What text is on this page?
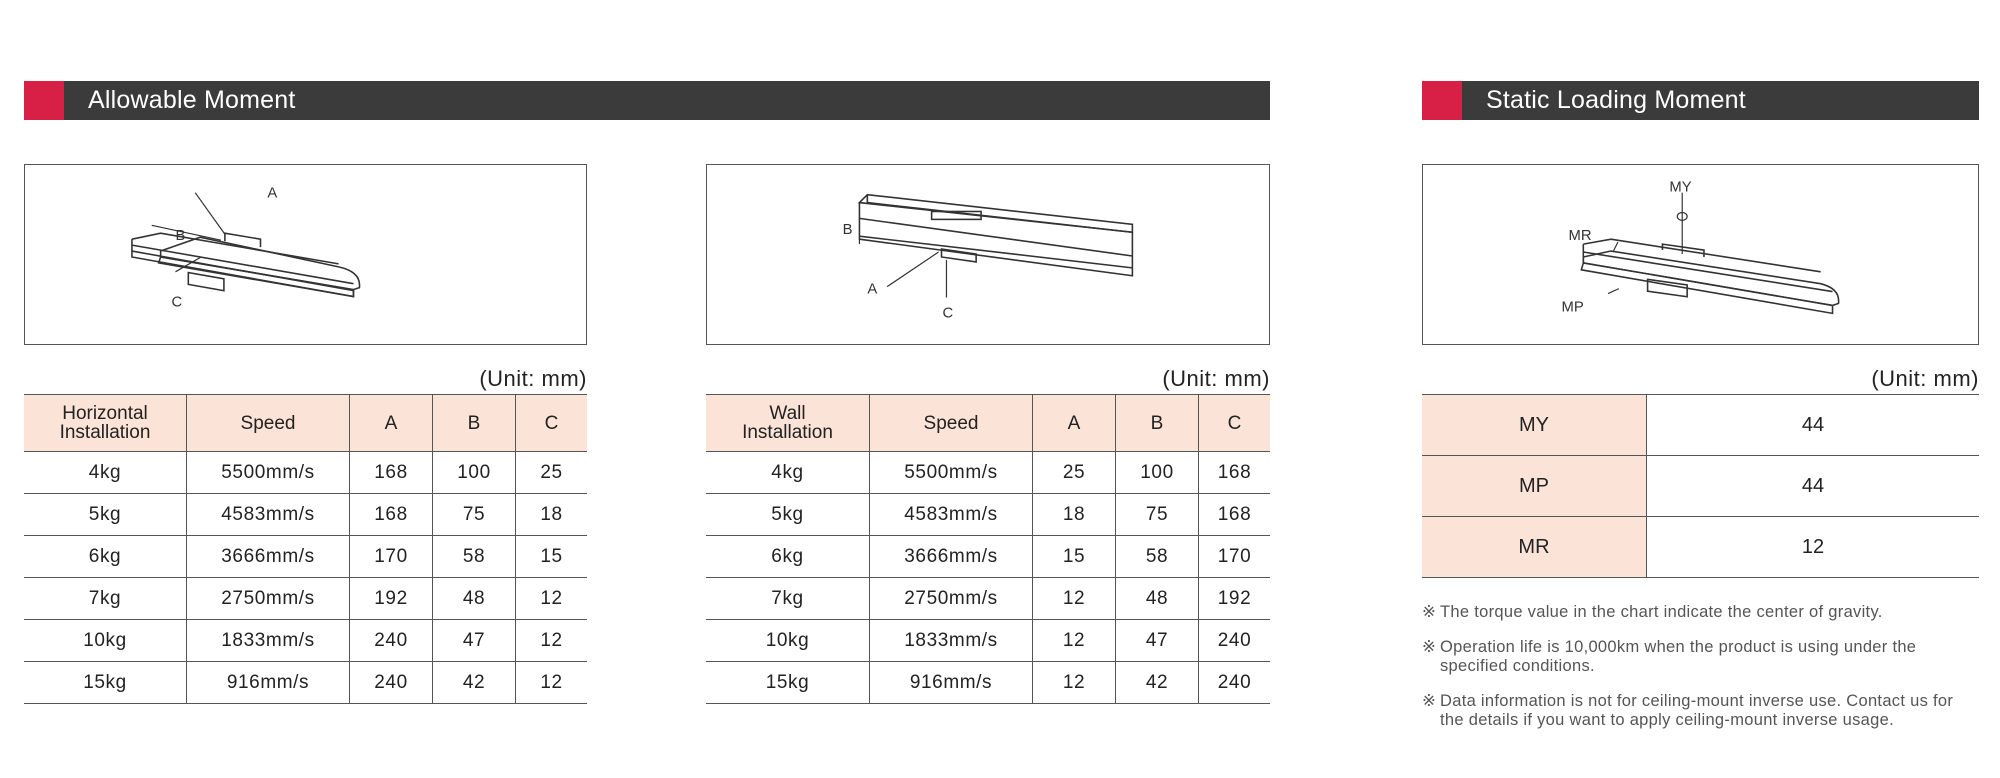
Allowable Moment	Static Loading Moment
A
B
C
B
A
C
MY
MR
MP
(Unit: mm)	(Unit: mm)	(Unit: mm)
Horizontal
Installation	Speed	A	B	C
4kg	5500mm/s	168	100	25
5kg	4583mm/s	168	75	18
6kg	3666mm/s	170	58	15
7kg	2750mm/s	192	48	12
10kg	1833mm/s	240	47	12
15kg	916mm/s	240	42	12
Wall
Installation	Speed	A	B	C
4kg	5500mm/s	25	100	168
5kg	4583mm/s	18	75	168
6kg	3666mm/s	15	58	170
7kg	2750mm/s	12	48	192
10kg	1833mm/s	12	47	240
15kg	916mm/s	12	42	240
MY	44
MP	44
MR	12
※ The torque value in the chart indicate the center of gravity.
※ Operation life is 10,000km when the product is using under the specified conditions.
※ Data information is not for ceiling-mount inverse use. Contact us for the details if you want to apply ceiling-mount inverse usage.
